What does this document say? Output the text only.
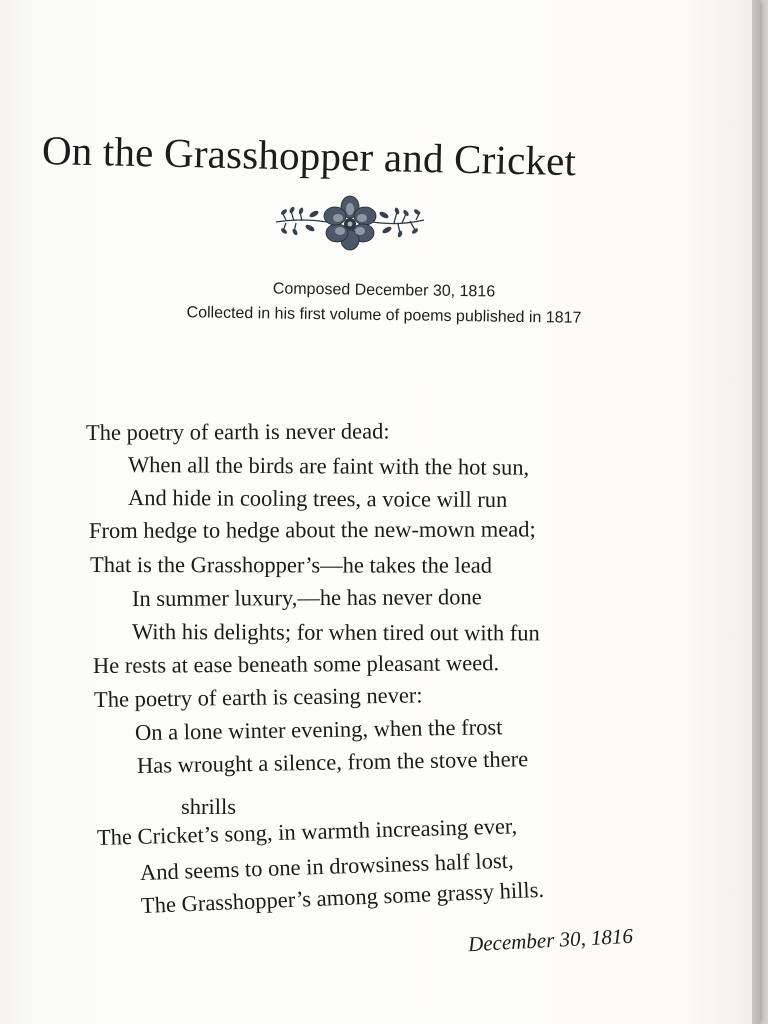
On the Grasshopper and Cricket
Composed December 30, 1816
Collected in his first volume of poems published in 1817
The poetry of earth is never dead:
When all the birds are faint with the hot sun,
And hide in cooling trees, a voice will run
From hedge to hedge about the new-mown mead;
That is the Grasshopper’s—he takes the lead
In summer luxury,—he has never done
With his delights; for when tired out with fun
He rests at ease beneath some pleasant weed.
The poetry of earth is ceasing never:
On a lone winter evening, when the frost
Has wrought a silence, from the stove there
shrills
The Cricket’s song, in warmth increasing ever,
And seems to one in drowsiness half lost,
The Grasshopper’s among some grassy hills.
December 30, 1816
